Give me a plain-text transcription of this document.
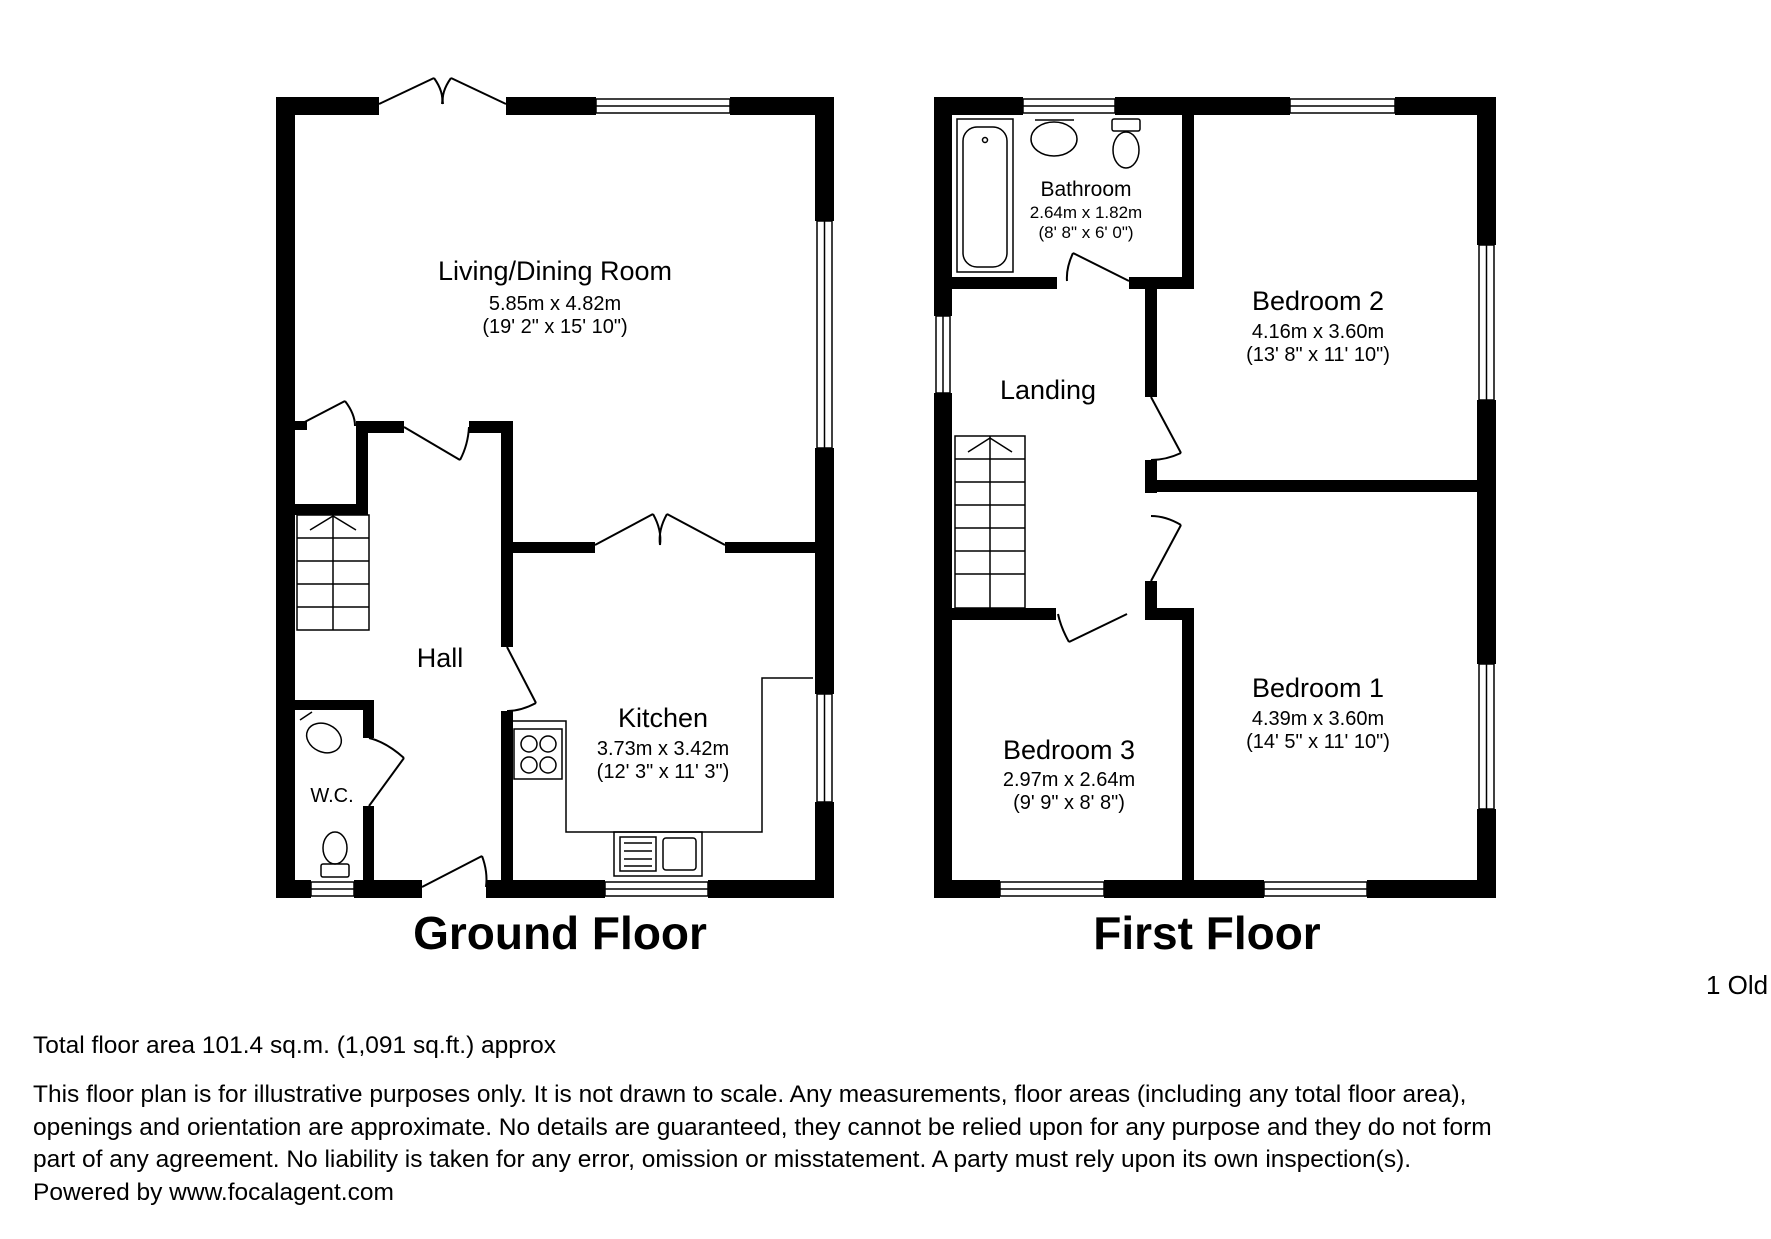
Living/Dining Room
5.85m x 4.82m
(19' 2" x 15' 10")
Hall
Kitchen
3.73m x 3.42m
(12' 3" x 11' 3")
W.C.
Ground Floor
Bathroom
2.64m x 1.82m
(8' 8" x 6' 0")
Landing
Bedroom 2
4.16m x 3.60m
(13' 8" x 11' 10")
Bedroom 1
4.39m x 3.60m
(14' 5" x 11' 10")
Bedroom 3
2.97m x 2.64m
(9' 9" x 8' 8")
First Floor
1 Old
Total floor area 101.4 sq.m. (1,091 sq.ft.) approx
This floor plan is for illustrative purposes only. It is not drawn to scale. Any measurements, floor areas (including any total floor area),
openings and orientation are approximate. No details are guaranteed, they cannot be relied upon for any purpose and they do not form
part of any agreement. No liability is taken for any error, omission or misstatement. A party must rely upon its own inspection(s).
Powered by www.focalagent.com
